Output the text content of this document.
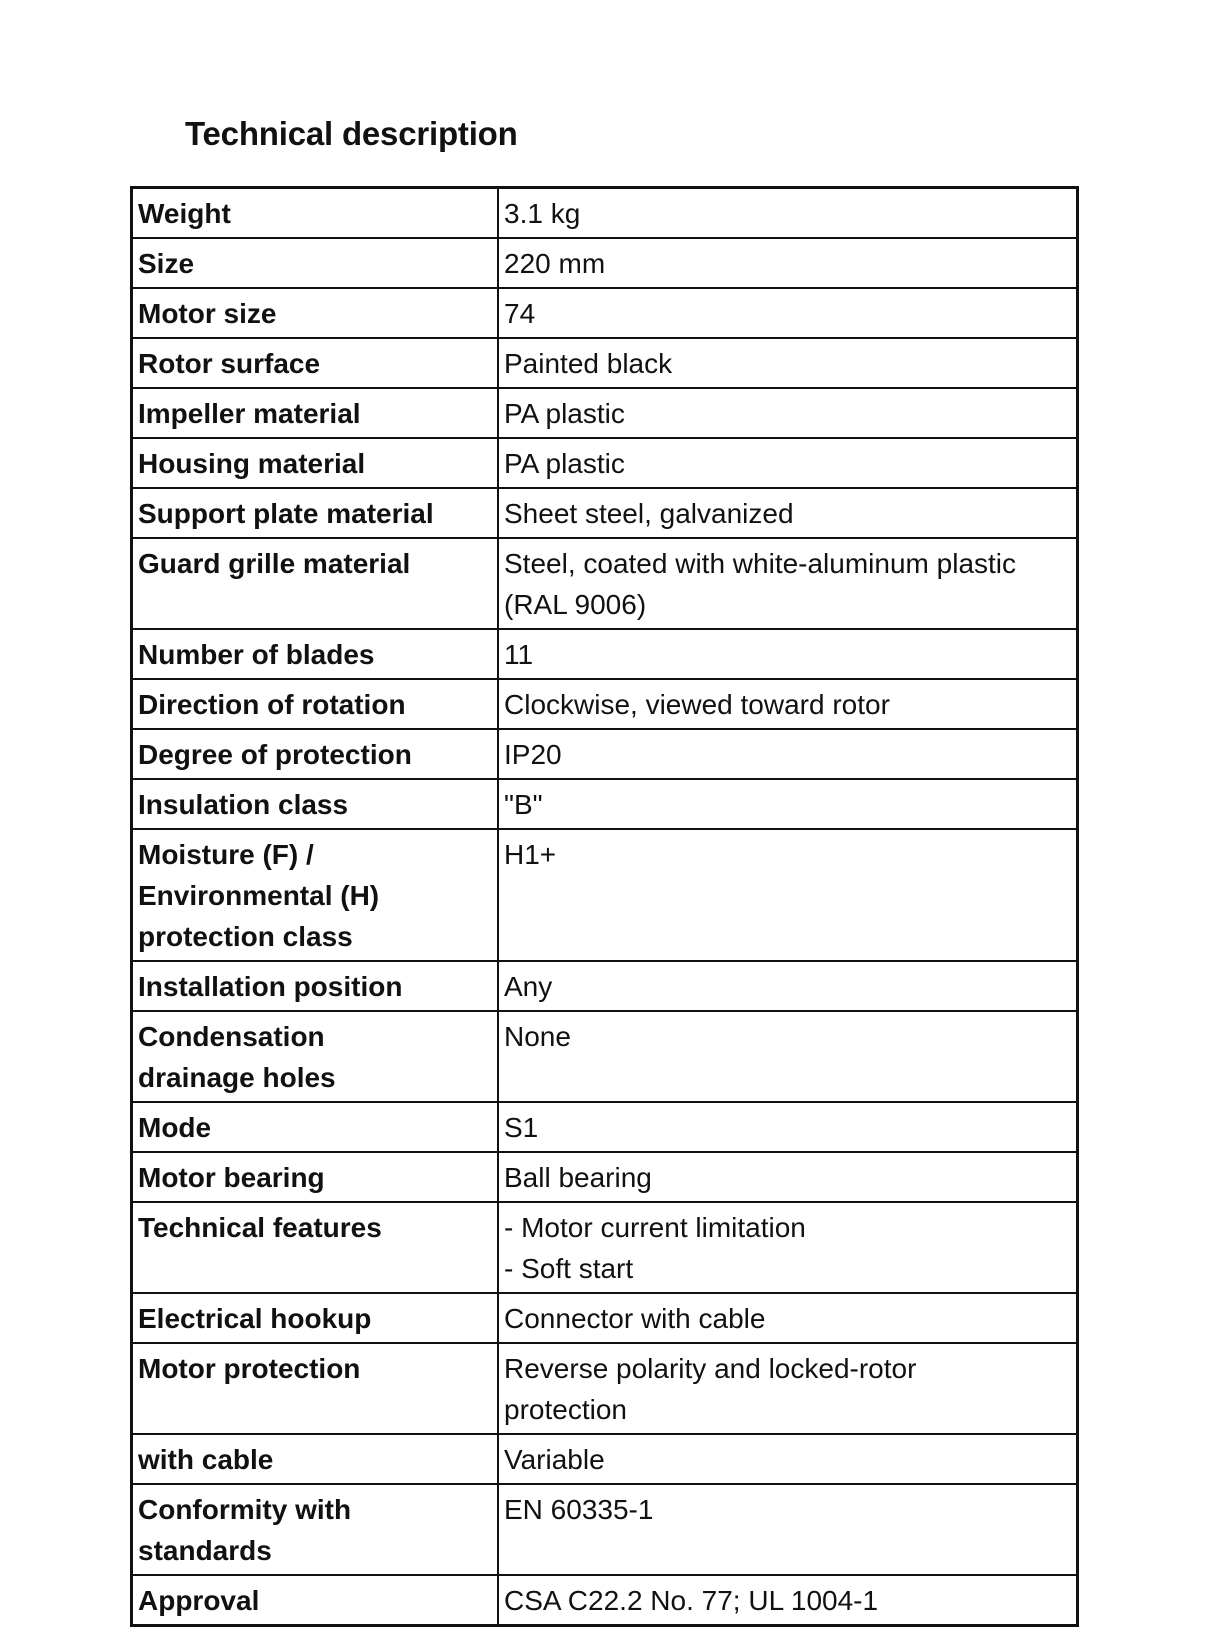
Technical description
Weight	3.1 kg

Size	220 mm

Motor size	74

Rotor surface	Painted black

Impeller material	PA plastic

Housing material	PA plastic

Support plate material	Sheet steel, galvanized

Guard grille material	Steel, coated with white-aluminum plastic
(RAL 9006)

Number of blades	11

Direction of rotation	Clockwise, viewed toward rotor

Degree of protection	IP20

Insulation class	"B"

Moisture (F) /
Environmental (H)
protection class	H1+

Installation position	Any

Condensation
drainage holes	None

Mode	S1

Motor bearing	Ball bearing

Technical features	- Motor current limitation
- Soft start

Electrical hookup	Connector with cable

Motor protection	Reverse polarity and locked-rotor
protection

with cable	Variable

Conformity with
standards	EN 60335-1

Approval	CSA C22.2 No. 77; UL 1004-1
